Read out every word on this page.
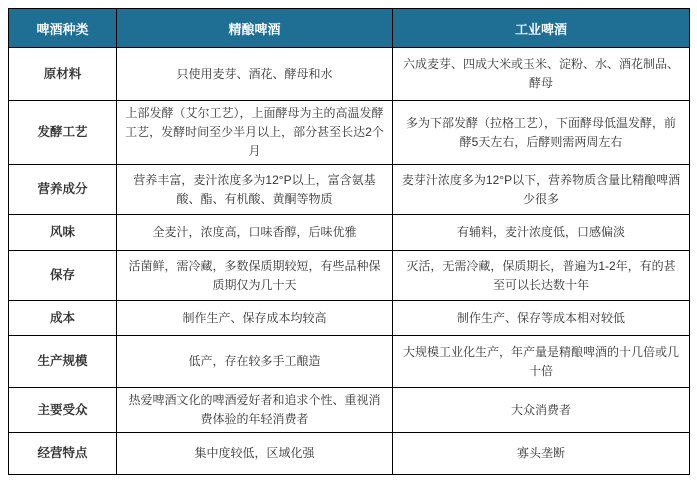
啤酒种类	精酿啤酒	工业啤酒
原材料	只使用麦芽、酒花、酵母和水	六成麦芽、四成大米或玉米、淀粉、水、酒花制品、酵母
发酵工艺	上部发酵（艾尔工艺），上面酵母为主的高温发酵工艺，发酵时间至少半月以上，部分甚至长达2个月	多为下部发酵（拉格工艺），下面酵母低温发酵，前酵5天左右，后酵则需两周左右
营养成分	营养丰富，麦汁浓度多为12°P以上，富含氨基酸、酯、有机酸、黄酮等物质	麦芽汁浓度多为12°P以下，营养物质含量比精酿啤酒少很多
风味	全麦汁，浓度高，口味香醇，后味优雅	有辅料，麦汁浓度低，口感偏淡
保存	活菌鲜，需冷藏，多数保质期较短，有些品种保质期仅为几十天	灭活，无需冷藏，保质期长，普遍为1-2年，有的甚至可以长达数十年
成本	制作生产、保存成本均较高	制作生产、保存等成本相对较低
生产规模	低产，存在较多手工酿造	大规模工业化生产，年产量是精酿啤酒的十几倍或几十倍
主要受众	热爱啤酒文化的啤酒爱好者和追求个性、重视消费体验的年轻消费者	大众消费者
经营特点	集中度较低，区域化强	寡头垄断
